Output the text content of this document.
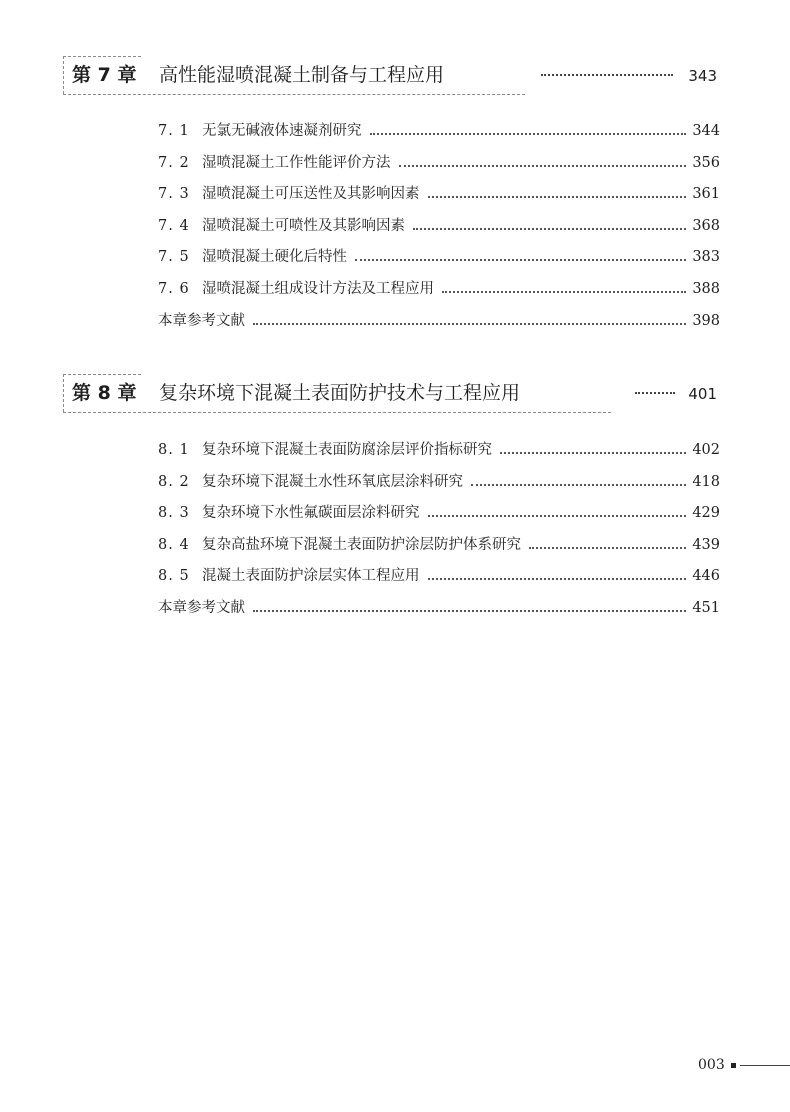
第 7 章 高性能湿喷混凝土制备与工程应用	343
7. 1 无氯无碱液体速凝剂研究	344
7. 2 湿喷混凝土工作性能评价方法	356
7. 3 湿喷混凝土可压送性及其影响因素	361
7. 4 湿喷混凝土可喷性及其影响因素	368
7. 5 湿喷混凝土硬化后特性	383
7. 6 湿喷混凝土组成设计方法及工程应用	388
本章参考文献	398
第 8 章 复杂环境下混凝土表面防护技术与工程应用	401
8. 1 复杂环境下混凝土表面防腐涂层评价指标研究	402
8. 2 复杂环境下混凝土水性环氧底层涂料研究	418
8. 3 复杂环境下水性氟碳面层涂料研究	429
8. 4 复杂高盐环境下混凝土表面防护涂层防护体系研究	439
8. 5 混凝土表面防护涂层实体工程应用	446
本章参考文献	451
003
